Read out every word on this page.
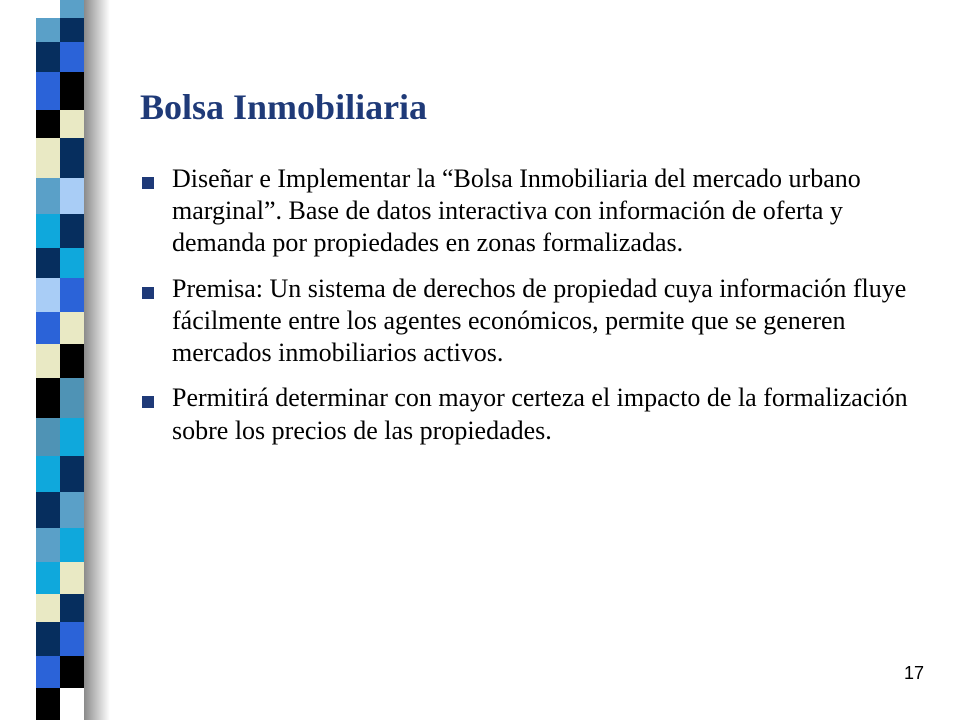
Bolsa Inmobiliaria
Diseñar e Implementar la “Bolsa Inmobiliaria del mercado urbano marginal”. Base de datos interactiva con información de oferta y demanda por propiedades en zonas formalizadas.
Premisa: Un sistema de derechos de propiedad cuya información fluye fácilmente entre los agentes económicos, permite que se generen mercados inmobiliarios activos.
Permitirá determinar con mayor certeza el impacto de la formalización sobre los precios de las propiedades.
17
